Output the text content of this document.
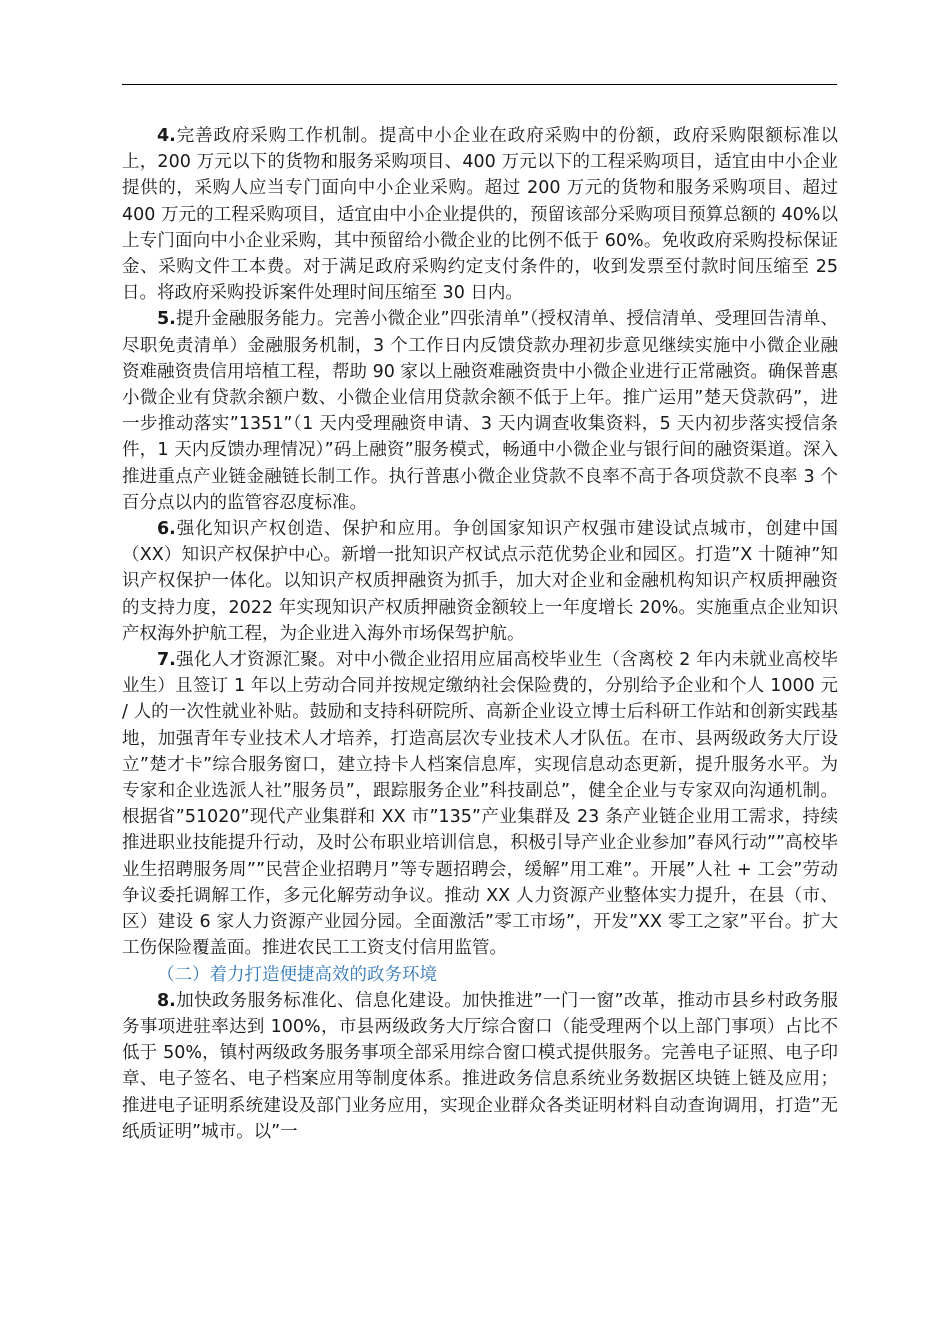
4.完善政府采购工作机制。提高中小企业在政府采购中的份额，政府采购限额标准以上，200 万元以下的货物和服务采购项目、400 万元以下的工程采购项目，适宜由中小企业提供的，采购人应当专门面向中小企业采购。超过 200 万元的货物和服务采购项目、超过 400 万元的工程采购项目，适宜由中小企业提供的，预留该部分采购项目预算总额的 40%以上专门面向中小企业采购，其中预留给小微企业的比例不低于 60%。免收政府采购投标保证金、采购文件工本费。对于满足政府采购约定支付条件的，收到发票至付款时间压缩至 25 日。将政府采购投诉案件处理时间压缩至 30 日内。

5.提升金融服务能力。完善小微企业”四张清单”（授权清单、授信清单、受理回告清单、尽职免责清单）金融服务机制，3 个工作日内反馈贷款办理初步意见继续实施中小微企业融资难融资贵信用培植工程，帮助 90 家以上融资难融资贵中小微企业进行正常融资。确保普惠小微企业有贷款余额户数、小微企业信用贷款余额不低于上年。推广运用”楚天贷款码”，进一步推动落实”1351”（1 天内受理融资申请、3 天内调查收集资料，5 天内初步落实授信条件，1 天内反馈办理情况）”码上融资”服务模式，畅通中小微企业与银行间的融资渠道。深入推进重点产业链金融链长制工作。执行普惠小微企业贷款不良率不高于各项贷款不良率 3 个百分点以内的监管容忍度标准。

6.强化知识产权创造、保护和应用。争创国家知识产权强市建设试点城市，创建中国（XX）知识产权保护中心。新增一批知识产权试点示范优势企业和园区。打造”X 十随神”知识产权保护一体化。以知识产权质押融资为抓手，加大对企业和金融机构知识产权质押融资的支持力度，2022 年实现知识产权质押融资金额较上一年度增长 20%。实施重点企业知识产权海外护航工程，为企业进入海外市场保驾护航。

7.强化人才资源汇聚。对中小微企业招用应届高校毕业生（含离校 2 年内未就业高校毕业生）且签订 1 年以上劳动合同并按规定缴纳社会保险费的，分别给予企业和个人 1000 元 / 人的一次性就业补贴。鼓励和支持科研院所、高新企业设立博士后科研工作站和创新实践基地，加强青年专业技术人才培养，打造高层次专业技术人才队伍。在市、县两级政务大厅设立”楚才卡”综合服务窗口，建立持卡人档案信息库，实现信息动态更新，提升服务水平。为专家和企业选派人社”服务员”，跟踪服务企业”科技副总”，健全企业与专家双向沟通机制。根据省”51020”现代产业集群和 XX 市”135”产业集群及 23 条产业链企业用工需求，持续推进职业技能提升行动，及时公布职业培训信息，积极引导产业企业参加”春风行动””高校毕业生招聘服务周””民营企业招聘月”等专题招聘会，缓解”用工难”。开展”人社 + 工会”劳动争议委托调解工作，多元化解劳动争议。推动 XX 人力资源产业整体实力提升，在县（市、区）建设 6 家人力资源产业园分园。全面激活”零工市场”，开发”XX 零工之家”平台。扩大工伤保险覆盖面。推进农民工工资支付信用监管。

（二）着力打造便捷高效的政务环境

8.加快政务服务标准化、信息化建设。加快推进”一门一窗”改革，推动市县乡村政务服务事项进驻率达到 100%，市县两级政务大厅综合窗口（能受理两个以上部门事项）占比不低于 50%，镇村两级政务服务事项全部采用综合窗口模式提供服务。完善电子证照、电子印章、电子签名、电子档案应用等制度体系。推进政务信息系统业务数据区块链上链及应用；推进电子证明系统建设及部门业务应用，实现企业群众各类证明材料自动查询调用，打造”无纸质证明”城市。以”一
